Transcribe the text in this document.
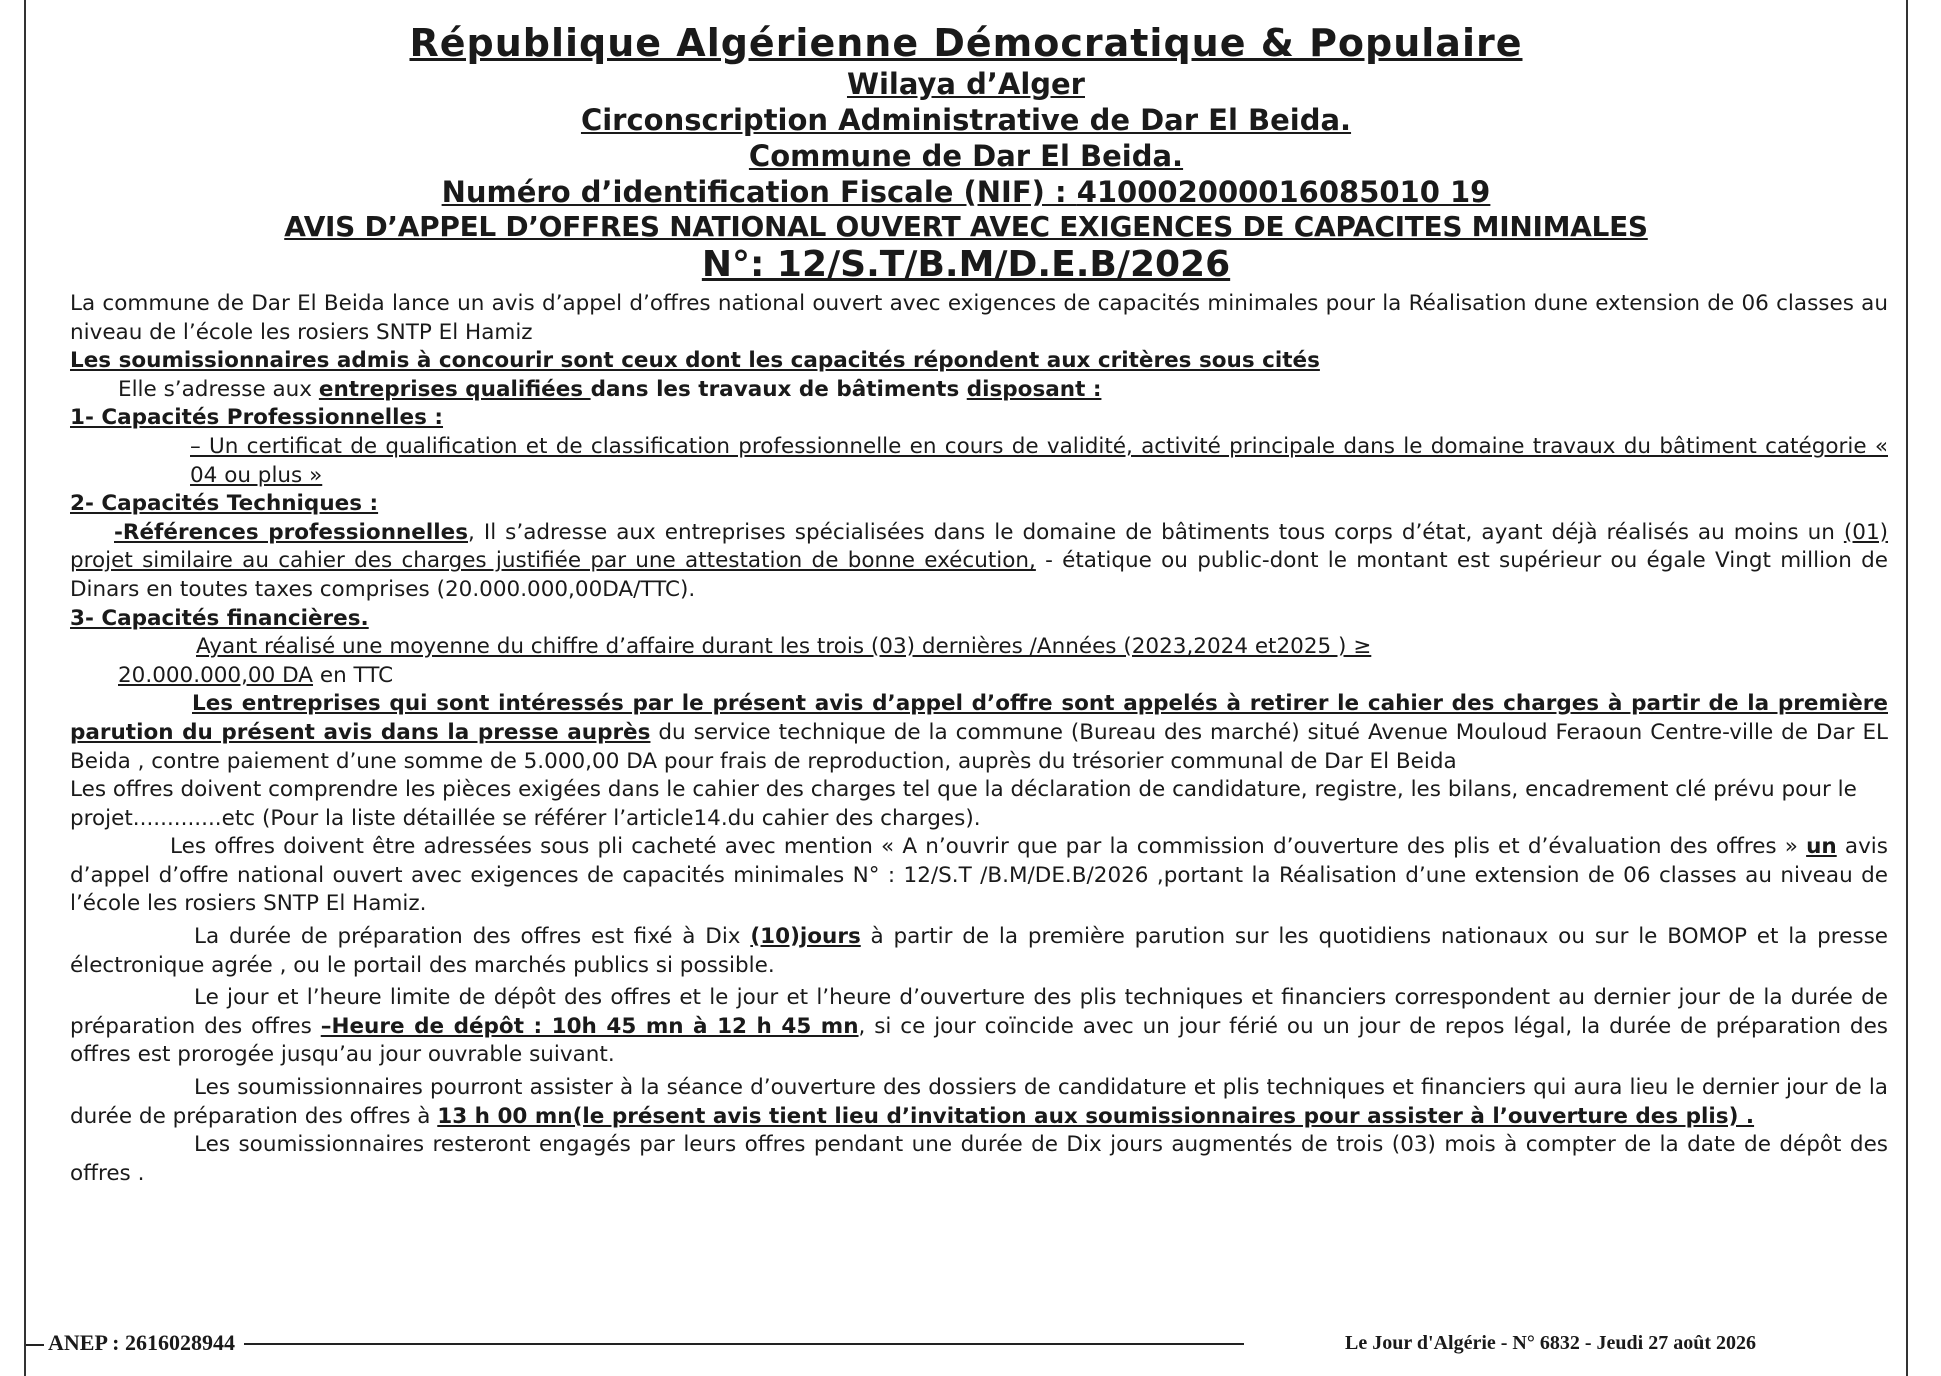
République Algérienne Démocratique & Populaire
Wilaya d’Alger
Circonscription Administrative de Dar El Beida.
Commune de Dar El Beida.
Numéro d’identification Fiscale (NIF) : 410002000016085010 19
AVIS D’APPEL D’OFFRES NATIONAL OUVERT AVEC EXIGENCES DE CAPACITES MINIMALES
N°: 12/S.T/B.M/D.E.B/2026

La commune de Dar El Beida lance un avis d’appel d’offres national ouvert avec exigences de capacités minimales pour la Réalisation dune extension de 06 classes au niveau de l’école les rosiers SNTP El Hamiz

Les soumissionnaires admis à concourir sont ceux dont les capacités répondent aux critères sous cités

Elle s’adresse aux entreprises qualifiées dans les travaux de bâtiments disposant :

1- Capacités Professionnelles :

– Un certificat de qualification et de classification professionnelle en cours de validité, activité principale dans le domaine travaux du bâtiment catégorie « 04 ou plus »

2- Capacités Techniques :

-Références professionnelles, Il s’adresse aux entreprises spécialisées dans le domaine de bâtiments tous corps d’état, ayant déjà réalisés au moins un (01) projet similaire au cahier des charges justifiée par une attestation de bonne exécution, - étatique ou public-dont le montant est supérieur ou égale Vingt million de Dinars en toutes taxes comprises (20.000.000,00DA/TTC).

3- Capacités financières.

Ayant réalisé une moyenne du chiffre d’affaire durant les trois (03) dernières /Années (2023,2024 et2025 ) ≥

20.000.000,00 DA en TTC

Les entreprises qui sont intéressés par le présent avis d’appel d’offre sont appelés à retirer le cahier des charges à partir de la première parution du présent avis dans la presse auprès du service technique de la commune (Bureau des marché) situé Avenue Mouloud Feraoun Centre-ville de Dar EL Beida , contre paiement d’une somme de 5.000,00 DA pour frais de reproduction, auprès du trésorier communal de Dar El Beida

Les offres doivent comprendre les pièces exigées dans le cahier des charges tel que la déclaration de candidature, registre, les bilans, encadrement clé prévu pour le projet.............etc (Pour la liste détaillée se référer l’article14.du cahier des charges).

Les offres doivent être adressées sous pli cacheté avec mention « A n’ouvrir que par la commission d’ouverture des plis et d’évaluation des offres » un avis d’appel d’offre national ouvert avec exigences de capacités minimales N° : 12/S.T /B.M/DE.B/2026 ,portant la Réalisation d’une extension de 06 classes au niveau de l’école les rosiers SNTP El Hamiz.

La durée de préparation des offres est fixé à Dix (10)jours à partir de la première parution sur les quotidiens nationaux ou sur le BOMOP et la presse électronique agrée , ou le portail des marchés publics si possible.

Le jour et l’heure limite de dépôt des offres et le jour et l’heure d’ouverture des plis techniques et financiers correspondent au dernier jour de la durée de préparation des offres –Heure de dépôt : 10h 45 mn à 12 h 45 mn, si ce jour coïncide avec un jour férié ou un jour de repos légal, la durée de préparation des offres est prorogée jusqu’au jour ouvrable suivant.

Les soumissionnaires pourront assister à la séance d’ouverture des dossiers de candidature et plis techniques et financiers qui aura lieu le dernier jour de la durée de préparation des offres à 13 h 00 mn(le présent avis tient lieu d’invitation aux soumissionnaires pour assister à l’ouverture des plis) .

Les soumissionnaires resteront engagés par leurs offres pendant une durée de Dix jours augmentés de trois (03) mois à compter de la date de dépôt des offres .

ANEP : 2616028944	Le Jour d'Algérie - N° 6832 - Jeudi 27 août 2026
